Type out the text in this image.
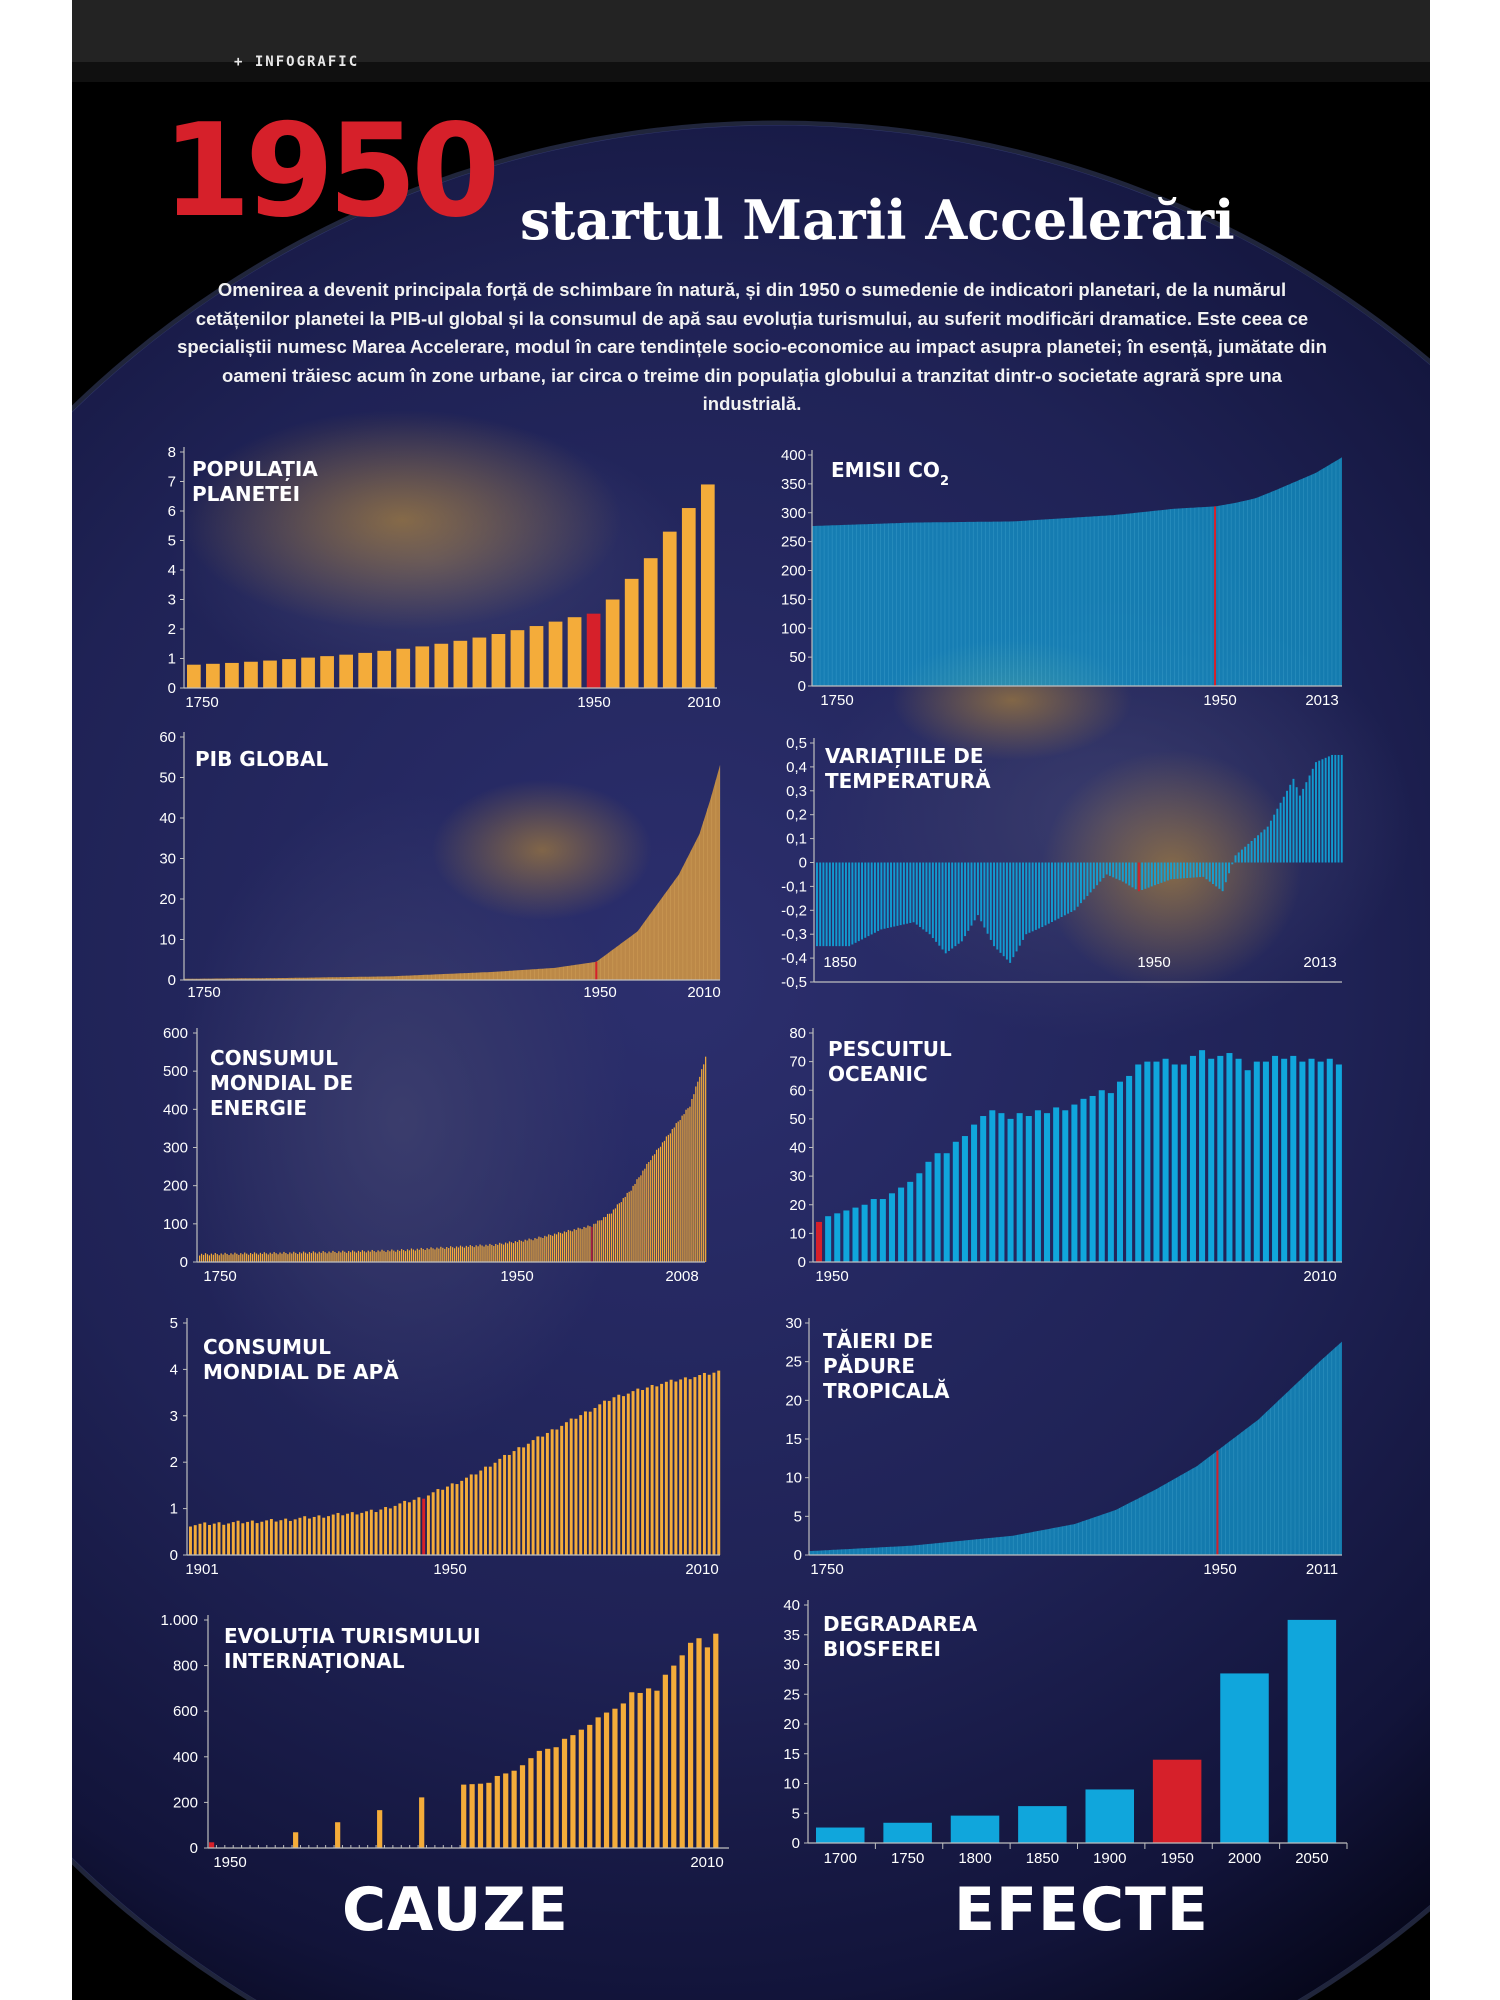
+ INFOGRAFIC
1950 startul Marii Accelerări
Omenirea a devenit principala forță de schimbare în natură, și din 1950 o sumedenie de indicatori planetari, de la numărul cetățenilor planetei la PIB-ul global și la consumul de apă sau evoluția turismului, au suferit modificări dramatice. Este ceea ce specialiștii numesc Marea Accelerare, modul în care tendințele socio-economice au impact asupra planetei; în esență, jumătate din oameni trăiesc acum în zone urbane, iar circa o treime din populația globului a tranzitat dintr-o societate agrară spre una industrială.
0
1
2
3
4
5
6
7
8
1750	1950	2010
POPULAȚIA
PLANETEI
0
10
20
30
40
50
60
1750	1950	2010
PIB GLOBAL
0
100
200
300
400
500
600
1750	1950	2008
CONSUMUL
MONDIAL DE
ENERGIE
0
1
2
3
4
5
1901	1950	2010
CONSUMUL
MONDIAL DE APĂ
0
200
400
600
800
1.000
1950	2010
EVOLUȚIA TURISMULUI
INTERNAȚIONAL
0
50
100
150
200
250
300
350
400
1750	1950	2013
EMISII $CO_2$
-0,5
-0,4
-0,3
-0,2
-0,1
0
0,1
0,2
0,3
0,4
0,5
1850	1950	2013
VARIAȚIILE DE
TEMPERATURĂ
0
10
20
30
40
50
60
70
80
1950	2010
PESCUITUL
OCEANIC
0
5
10
15
20
25
30
1750	1950	2011
TĂIERI DE
PĂDURE
TROPICALĂ
1700 1750 1800 1850 1900 1950 2000 2050
0
5
10
15
20
25
30
35
40
DEGRADAREA
BIOSFEREI
CAUZE	EFECTE
